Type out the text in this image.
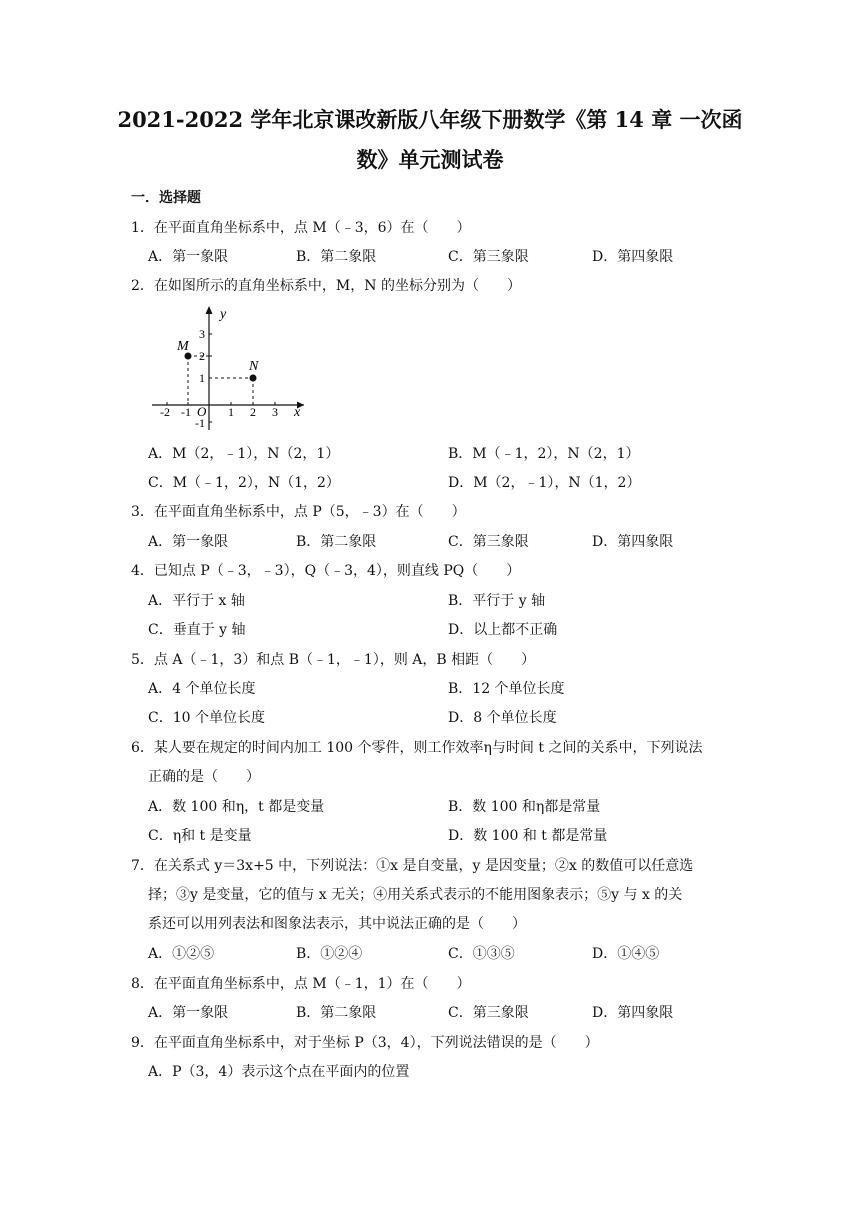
2021-2022 学年北京课改新版八年级下册数学《第 14 章 一次函
数》单元测试卷
一．选择题
1．在平面直角坐标系中，点 M（﹣3，6）在（　　）
A．第一象限	B．第二象限	C．第三象限	D．第四象限
2．在如图所示的直角坐标系中，M，N 的坐标分别为（　　）
M
N
y
x
O
-2 -1	1 2 3
3
2
1
-1
A．M（2，﹣1），N（2，1）	B．M（﹣1，2），N（2，1）
C．M（﹣1，2），N（1，2）	D．M（2，﹣1），N（1，2）
3．在平面直角坐标系中，点 P（5，﹣3）在（　　）
A．第一象限	B．第二象限	C．第三象限	D．第四象限
4．已知点 P（﹣3，﹣3），Q（﹣3，4），则直线 PQ（　　）
A．平行于 x 轴	B．平行于 y 轴
C．垂直于 y 轴	D．以上都不正确
5．点 A（﹣1，3）和点 B（﹣1，﹣1），则 A，B 相距（　　）
A．4 个单位长度	B．12 个单位长度
C．10 个单位长度	D．8 个单位长度
6．某人要在规定的时间内加工 100 个零件，则工作效率η与时间 t 之间的关系中，下列说法
正确的是（　　）
A．数 100 和η，t 都是变量	B．数 100 和η都是常量
C．η和 t 是变量	D．数 100 和 t 都是常量
7．在关系式 y＝3x+5 中，下列说法：①x 是自变量，y 是因变量；②x 的数值可以任意选
择；③y 是变量，它的值与 x 无关；④用关系式表示的不能用图象表示；⑤y 与 x 的关
系还可以用列表法和图象法表示，其中说法正确的是（　　）
A．①②⑤	B．①②④	C．①③⑤	D．①④⑤
8．在平面直角坐标系中，点 M（﹣1，1）在（　　）
A．第一象限	B．第二象限	C．第三象限	D．第四象限
9．在平面直角坐标系中，对于坐标 P（3，4），下列说法错误的是（　　）
A．P（3，4）表示这个点在平面内的位置
